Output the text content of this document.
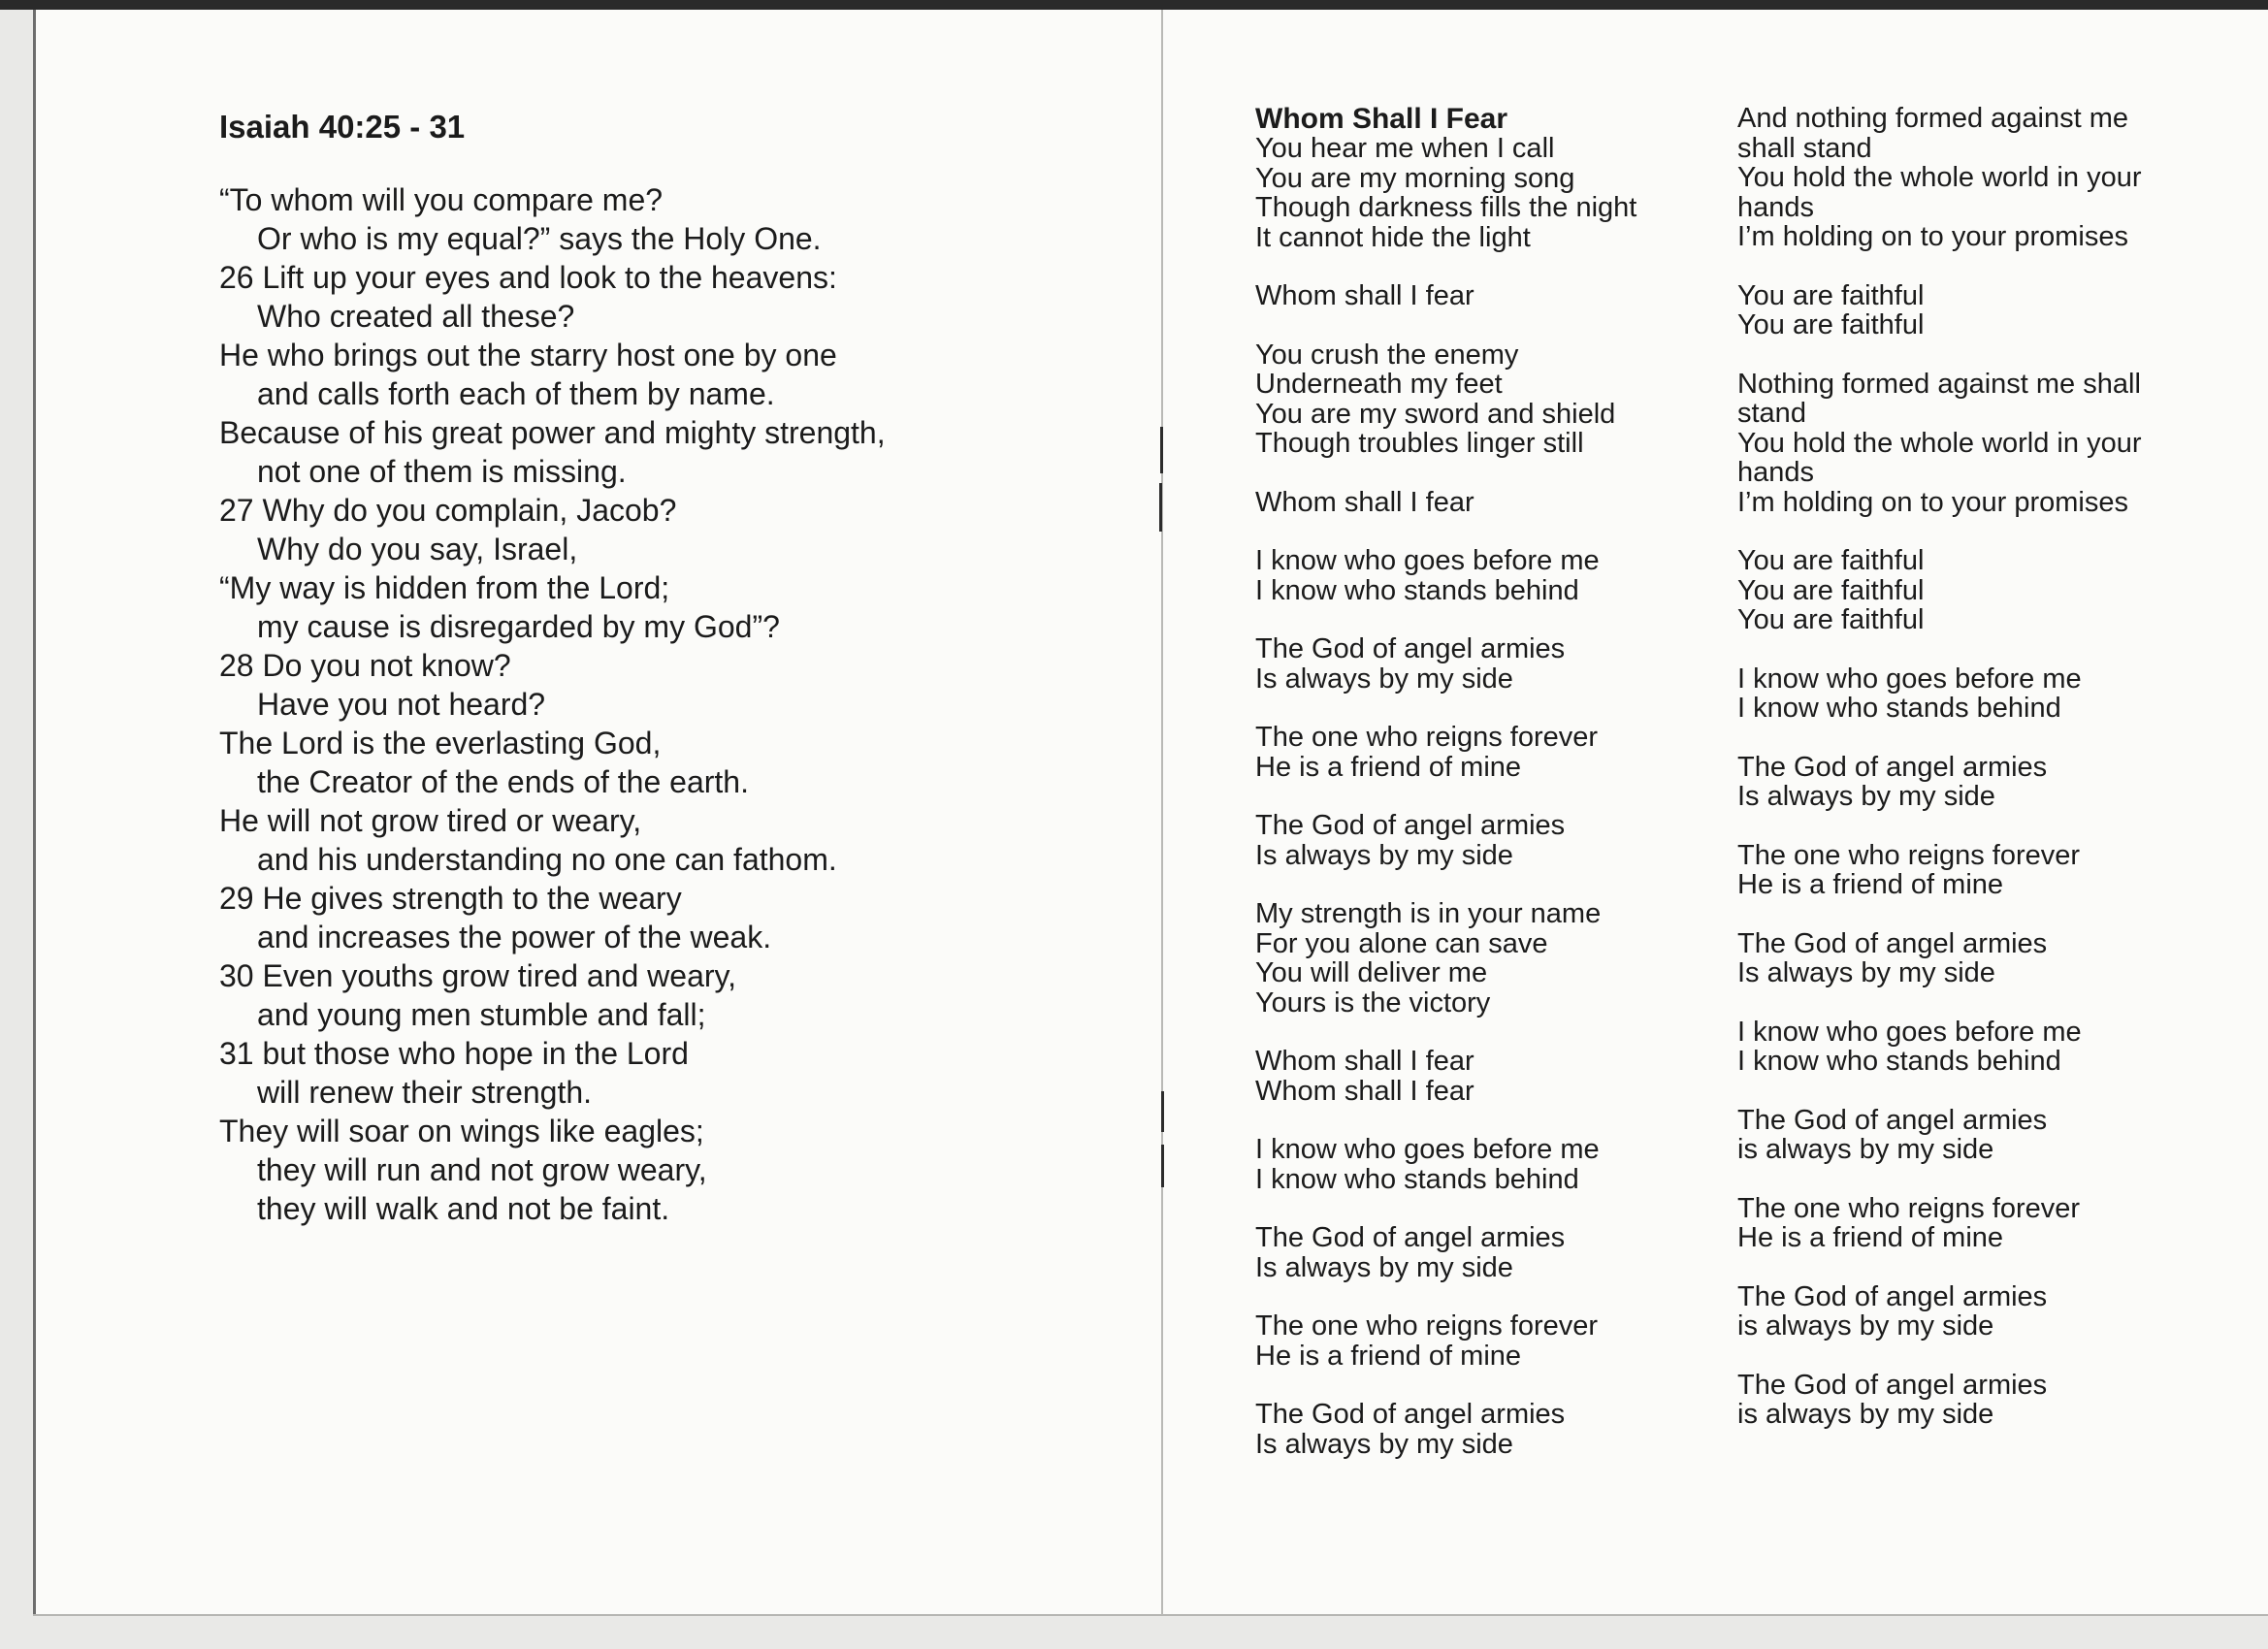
Isaiah 40:25 - 31
“To whom will you compare me?
Or who is my equal?” says the Holy One.
26 Lift up your eyes and look to the heavens:
Who created all these?
He who brings out the starry host one by one
and calls forth each of them by name.
Because of his great power and mighty strength,
not one of them is missing.
27 Why do you complain, Jacob?
Why do you say, Israel,
“My way is hidden from the Lord;
my cause is disregarded by my God”?
28 Do you not know?
Have you not heard?
The Lord is the everlasting God,
the Creator of the ends of the earth.
He will not grow tired or weary,
and his understanding no one can fathom.
29 He gives strength to the weary
and increases the power of the weak.
30 Even youths grow tired and weary,
and young men stumble and fall;
31 but those who hope in the Lord
will renew their strength.
They will soar on wings like eagles;
they will run and not grow weary,
they will walk and not be faint.
Whom Shall I Fear
You hear me when I call
You are my morning song
Though darkness fills the night
It cannot hide the light
Whom shall I fear
You crush the enemy
Underneath my feet
You are my sword and shield
Though troubles linger still
Whom shall I fear
I know who goes before me
I know who stands behind
The God of angel armies
Is always by my side
The one who reigns forever
He is a friend of mine
The God of angel armies
Is always by my side
My strength is in your name
For you alone can save
You will deliver me
Yours is the victory
Whom shall I fear
Whom shall I fear
I know who goes before me
I know who stands behind
The God of angel armies
Is always by my side
The one who reigns forever
He is a friend of mine
The God of angel armies
Is always by my side
And nothing formed against me
shall stand
You hold the whole world in your
hands
I’m holding on to your promises
You are faithful
You are faithful
Nothing formed against me shall
stand
You hold the whole world in your
hands
I’m holding on to your promises
You are faithful
You are faithful
You are faithful
I know who goes before me
I know who stands behind
The God of angel armies
Is always by my side
The one who reigns forever
He is a friend of mine
The God of angel armies
Is always by my side
I know who goes before me
I know who stands behind
The God of angel armies
is always by my side
The one who reigns forever
He is a friend of mine
The God of angel armies
is always by my side
The God of angel armies
is always by my side
